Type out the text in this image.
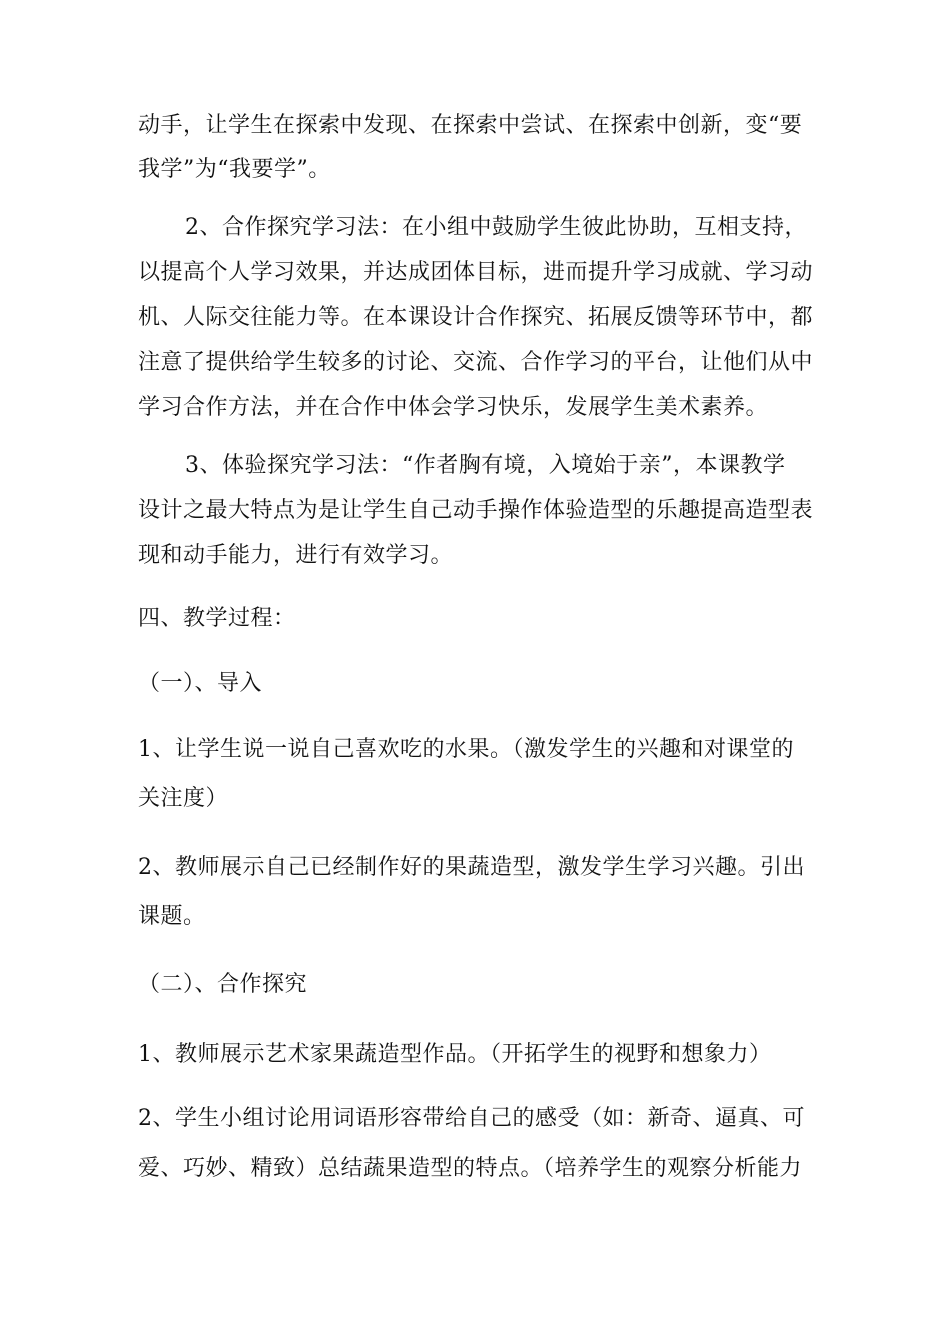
动手，让学生在探索中发现、在探索中尝试、在探索中创新，变“要
我学”为“我要学”。
2、合作探究学习法：在小组中鼓励学生彼此协助，互相支持，
以提高个人学习效果，并达成团体目标，进而提升学习成就、学习动
机、人际交往能力等。在本课设计合作探究、拓展反馈等环节中，都
注意了提供给学生较多的讨论、交流、合作学习的平台，让他们从中
学习合作方法，并在合作中体会学习快乐，发展学生美术素养。
3、体验探究学习法：“作者胸有境，入境始于亲”，本课教学
设计之最大特点为是让学生自己动手操作体验造型的乐趣提高造型表
现和动手能力，进行有效学习。
四、教学过程：
（一）、导入
1、让学生说一说自己喜欢吃的水果。（激发学生的兴趣和对课堂的
关注度）
2、教师展示自己已经制作好的果蔬造型，激发学生学习兴趣。引出
课题。
（二）、合作探究
1、教师展示艺术家果蔬造型作品。（开拓学生的视野和想象力）
2、学生小组讨论用词语形容带给自己的感受（如：新奇、逼真、可
爱、巧妙、精致）总结蔬果造型的特点。（培养学生的观察分析能力
